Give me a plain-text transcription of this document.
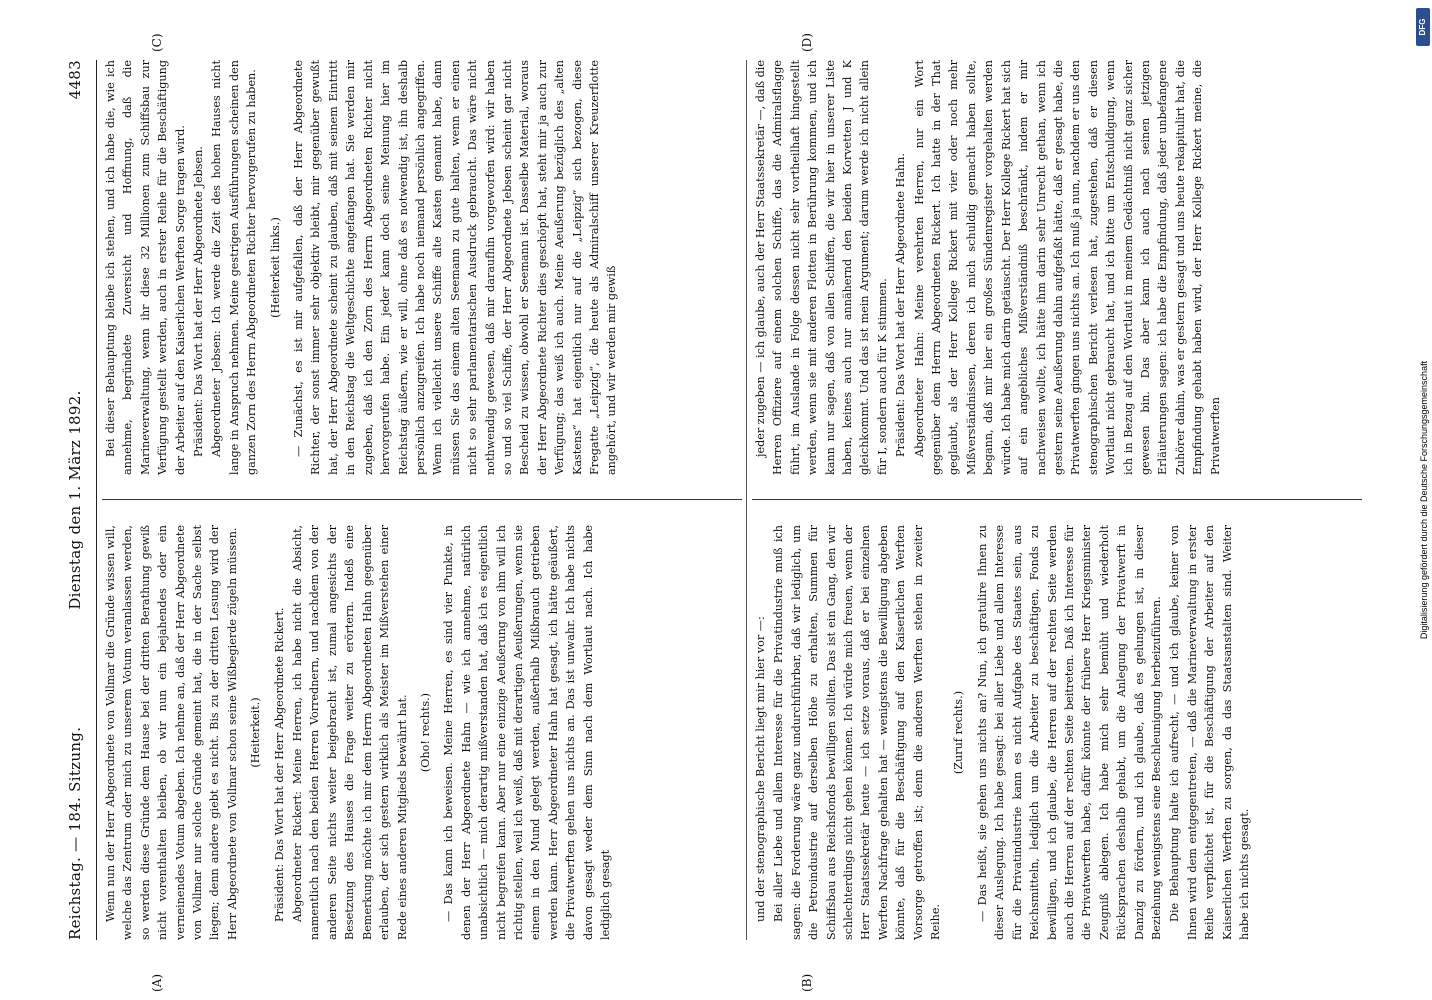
Reichstag. — 184. Sitzung.
Dienstag den 1. März 1892.
4483
(A)	(B)
(C)	(D)

Wenn nun der Herr Abgeordnete von Vollmar die Gründe wissen will, welche das Zentrum oder mich zu unserem Votum veranlassen werden, so werden diese Gründe dem Hause bei der dritten Berathung gewiß nicht vorenthalten bleiben, ob wir nun ein bejahendes oder ein verneinendes Votum abgeben. Ich nehme an, daß der Herr Abgeordnete von Vollmar nur solche Gründe gemeint hat, die in der Sache selbst liegen; denn andere giebt es nicht. Bis zu der dritten Lesung wird der Herr Abgeordnete von Vollmar schon seine Wißbegierde zügeln müssen. (Heiterkeit.) Präsident: Das Wort hat der Herr Abgeordnete Rickert. Abgeordneter Rickert: Meine Herren, ich habe nicht die Absicht, namentlich nach den beiden Herren Vorrednern, und nachdem von der anderen Seite nichts weiter beigebracht ist, zumal angesichts der Besetzung des Hauses die Frage weiter zu erörtern. Indeß eine Bemerkung möchte ich mir dem Herrn Abgeordneten Hahn gegenüber erlauben, der sich gestern wirklich als Meister im Mißverstehen einer Rede eines anderen Mitglieds bewährt hat. (Oho! rechts.) — Das kann ich beweisen. Meine Herren, es sind vier Punkte, in denen der Herr Abgeordnete Hahn — wie ich annehme, natürlich unabsichtlich — mich derartig mißverstanden hat, daß ich es eigentlich nicht begreifen kann. Aber nur eine einzige Aeußerung von ihm will ich richtig stellen, weil ich weiß, daß mit derartigen Aeußerungen, wenn sie einem in den Mund gelegt werden, außerhalb Mißbrauch getrieben werden kann. Herr Abgeordneter Hahn hat gesagt, ich hätte geäußert, die Privatwerften gehen uns nichts an. Das ist unwahr. Ich habe nichts davon gesagt weder dem Sinn nach dem Wortlaut nach. Ich habe lediglich gesagt

Bei dieser Behauptung bleibe ich stehen, und ich habe die, wie ich annehme, begründete Zuversicht und Hoffnung, daß die Marineverwaltung, wenn ihr diese 32 Millionen zum Schiffsbau zur Verfügung gestellt werden, auch in erster Reihe für die Beschäftigung der Arbeiter auf den Kaiserlichen Werften Sorge tragen wird. Präsident: Das Wort hat der Herr Abgeordnete Jebsen. Abgeordneter Jebsen: Ich werde die Zeit des hohen Hauses nicht lange in Anspruch nehmen. Meine gestrigen Ausführungen scheinen den ganzen Zorn des Herrn Abgeordneten Richter hervorgerufen zu haben. (Heiterkeit links.) — Zunächst, es ist mir aufgefallen, daß der Herr Abgeordnete Richter, der sonst immer sehr objektiv bleibt, mir gegenüber gewußt hat, der Herr Abgeordnete scheint zu glauben, daß mit seinem Eintritt in den Reichstag die Weltgeschichte angefangen hat. Sie werden mir zugeben, daß ich den Zorn des Herrn Abgeordneten Richter nicht hervorgerufen habe. Ein jeder kann doch seine Meinung hier im Reichstag äußern, wie er will, ohne daß es notwendig ist, ihn deshalb persönlich anzugreifen. Ich habe noch niemand persönlich angegriffen. Wenn ich vielleicht unsere Schiffe alte Kasten genannt habe, dann müssen Sie das einem alten Seemann zu gute halten, wenn er einen nicht so sehr parlamentarischen Ausdruck gebraucht. Das wäre nicht nothwendig gewesen, daß mir daraufhin vorgeworfen wird: wir haben so und so viel Schiffe, der Herr Abgeordnete Jebsen scheint gar nicht Bescheid zu wissen, obwohl er Seemann ist. Dasselbe Material, woraus der Herr Abgeordnete Richter dies geschöpft hat, steht mir ja auch zur Verfügung; das weiß ich auch. Meine Aeußerung bezüglich des „alten Kastens“ hat eigentlich nur auf die „Leipzig“ sich bezogen, diese Fregatte „Leipzig“, die heute als Admiralschiff unserer Kreuzerflotte angehört, und wir werden mir gewiß

und der stenographische Bericht liegt mir hier vor —: Bei aller Liebe und allem Interesse für die Privatindustrie muß ich sagen: die Forderung wäre ganz undurchführbar, daß wir lediglich, um die Petroindustrie auf derselben Höhe zu erhalten, Summen für Schiffsbau aus Reichsfonds bewilligen sollten. Das ist ein Gang, den wir schlechterdings nicht gehen können. Ich würde mich freuen, wenn der Herr Staatssekretär heute — ich setze voraus, daß er bei einzelnen Werften Nachfrage gehalten hat — wenigstens die Bewilligung abgeben könnte, daß für die Beschäftigung auf den Kaiserlichen Werften Vorsorge getroffen ist; denn die anderen Werften stehen in zweiter Reihe.

(Zuruf rechts.) — Das heißt, sie gehen uns nichts an? Nun, ich gratulire Ihnen zu dieser Auslegung. Ich habe gesagt: bei aller Liebe und allem Interesse für die Privatindustrie kann es nicht Aufgabe des Staates sein, aus Reichsmitteln, lediglich um die Arbeiter zu beschäftigen, Fonds zu bewilligen, und ich glaube, die Herren auf der rechten Seite werden auch die Herren auf der rechten Seite beitreten. Daß ich Interesse für die Privatwerften habe, dafür könnte der frühere Herr Kriegsminister Zeugniß ablegen. Ich habe mich sehr bemüht und wiederholt Rücksprachen deshalb gehabt, um die Anlegung der Privatwerft in Danzig zu fördern, und ich glaube, daß es gelungen ist, in dieser Beziehung wenigstens eine Beschleunigung herbeizuführen. Die Behauptung halte ich aufrecht, — und ich glaube, keiner von Ihnen wird dem entgegentreten, — daß die Marineverwaltung in erster Reihe verpflichtet ist, für die Beschäftigung der Arbeiter auf den Kaiserlichen Werften zu sorgen, da das Staatsanstalten sind. Weiter habe ich nichts gesagt.

jeder zugeben — ich glaube, auch der Herr Staatssekretär —, daß die Herren Offiziere auf einem solchen Schiffe, das die Admiralsflagge führt, im Auslande in Folge dessen nicht sehr vortheilhaft hingestellt werden, wenn sie mit anderen Flotten in Berührung kommen, und ich kann nur sagen, daß von allen Schiffen, die wir hier in unserer Liste haben, keines auch nur annähernd den beiden Korvetten J und K gleichkommt. Und das ist mein Argument; darum werde ich nicht allein für I, sondern auch für K stimmen. Präsident: Das Wort hat der Herr Abgeordnete Hahn. Abgeordneter Hahn: Meine verehrten Herren, nur ein Wort gegenüber dem Herrn Abgeordneten Rickert. Ich hatte in der That geglaubt, als der Herr Kollege Rickert mit vier oder noch mehr Mißverständnissen, deren ich mich schuldig gemacht haben sollte, begann, daß mir hier ein großes Sündenregister vorgehalten werden würde. Ich habe mich darin getäuscht. Der Herr Kollege Rickert hat sich auf ein angebliches Mißverständniß beschränkt, indem er mir nachweisen wollte, ich hätte ihm darin sehr Unrecht gethan, wenn ich gestern seine Aeußerung dahin aufgefaßt hätte, daß er gesagt habe, die Privatwerften gingen uns nichts an. Ich muß ja nun, nachdem er uns den stenographischen Bericht verlesen hat, zugestehen, daß er diesen Wortlaut nicht gebraucht hat, und ich bitte um Entschuldigung, wenn ich in Bezug auf den Wortlaut in meinem Gedächtniß nicht ganz sicher gewesen bin. Das aber kann ich auch nach seinen jetzigen Erläuterungen sagen: ich habe die Empfindung, daß jeder unbefangene Zuhörer dahin, was er gestern gesagt und uns heute rekapitulirt hat, die Empfindung gehabt haben wird, der Herr Kollege Rickert meine, die Privatwerften	Digitalisierung gefördert durch die Deutsche Forschungsgemeinschaft
DFG
